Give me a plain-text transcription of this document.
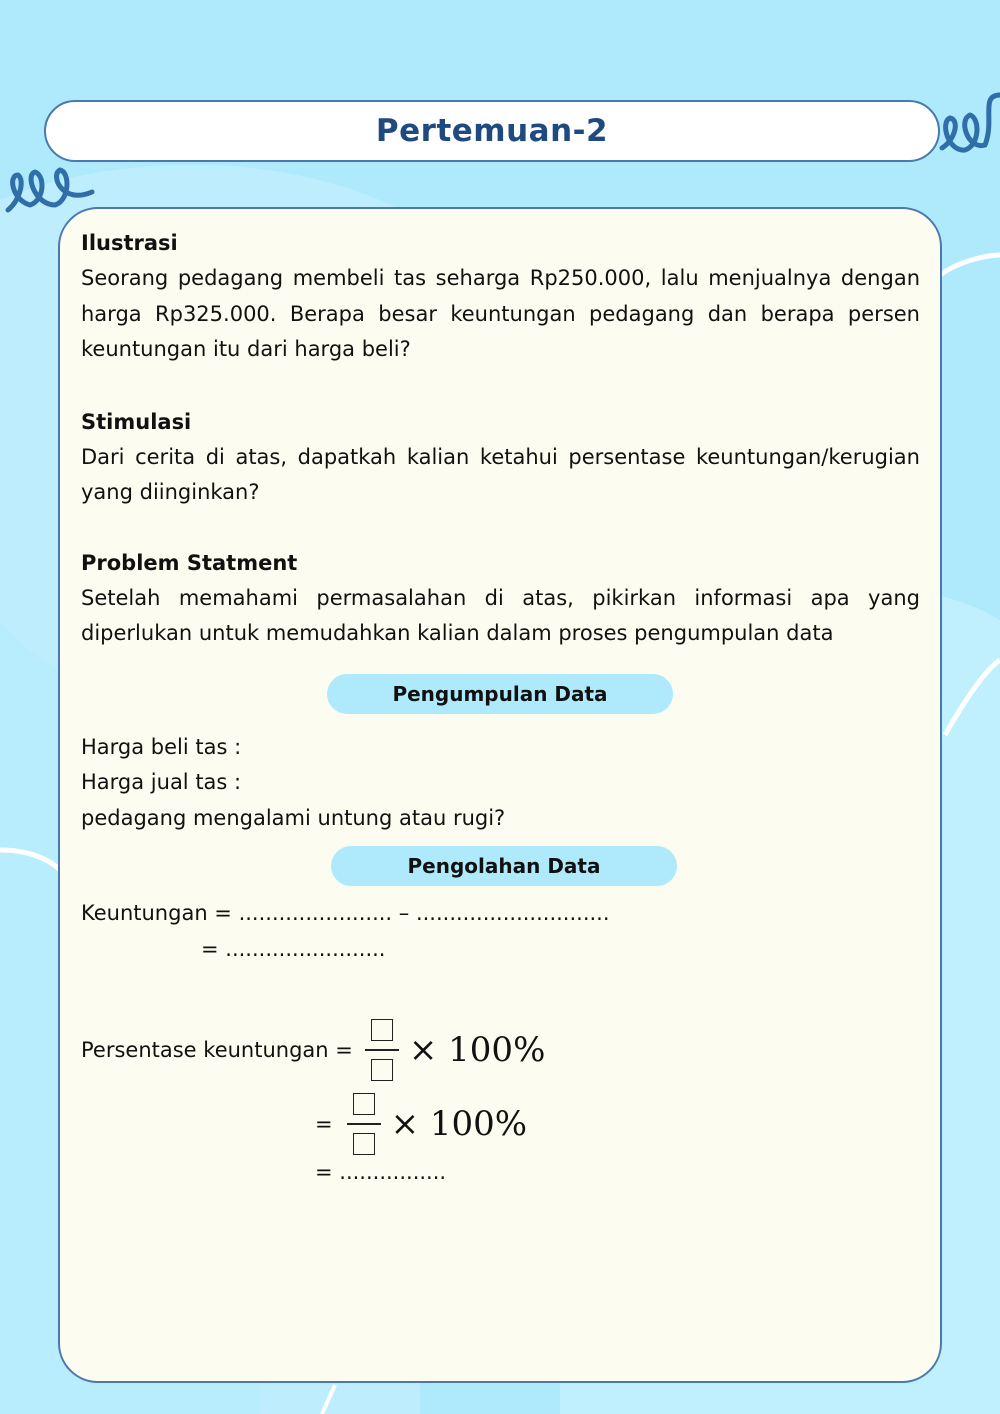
Pertemuan-2

Ilustrasi

Seorang pedagang membeli tas seharga Rp250.000, lalu menjualnya dengan harga Rp325.000. Berapa besar keuntungan pedagang dan berapa persen keuntungan itu dari harga beli?

Stimulasi

Dari cerita di atas, dapatkah kalian ketahui persentase keuntungan/kerugian yang diinginkan?

Problem Statment

Setelah memahami permasalahan di atas, pikirkan informasi apa yang diperlukan untuk memudahkan kalian dalam proses pengumpulan data

Pengumpulan Data

Harga beli tas :

Harga jual tas :

pedagang mengalami untung atau rugi?

Pengolahan Data

Keuntungan = ....................... – .............................

= ........................

Persentase keuntungan = × 100%
= × 100%

= ................
